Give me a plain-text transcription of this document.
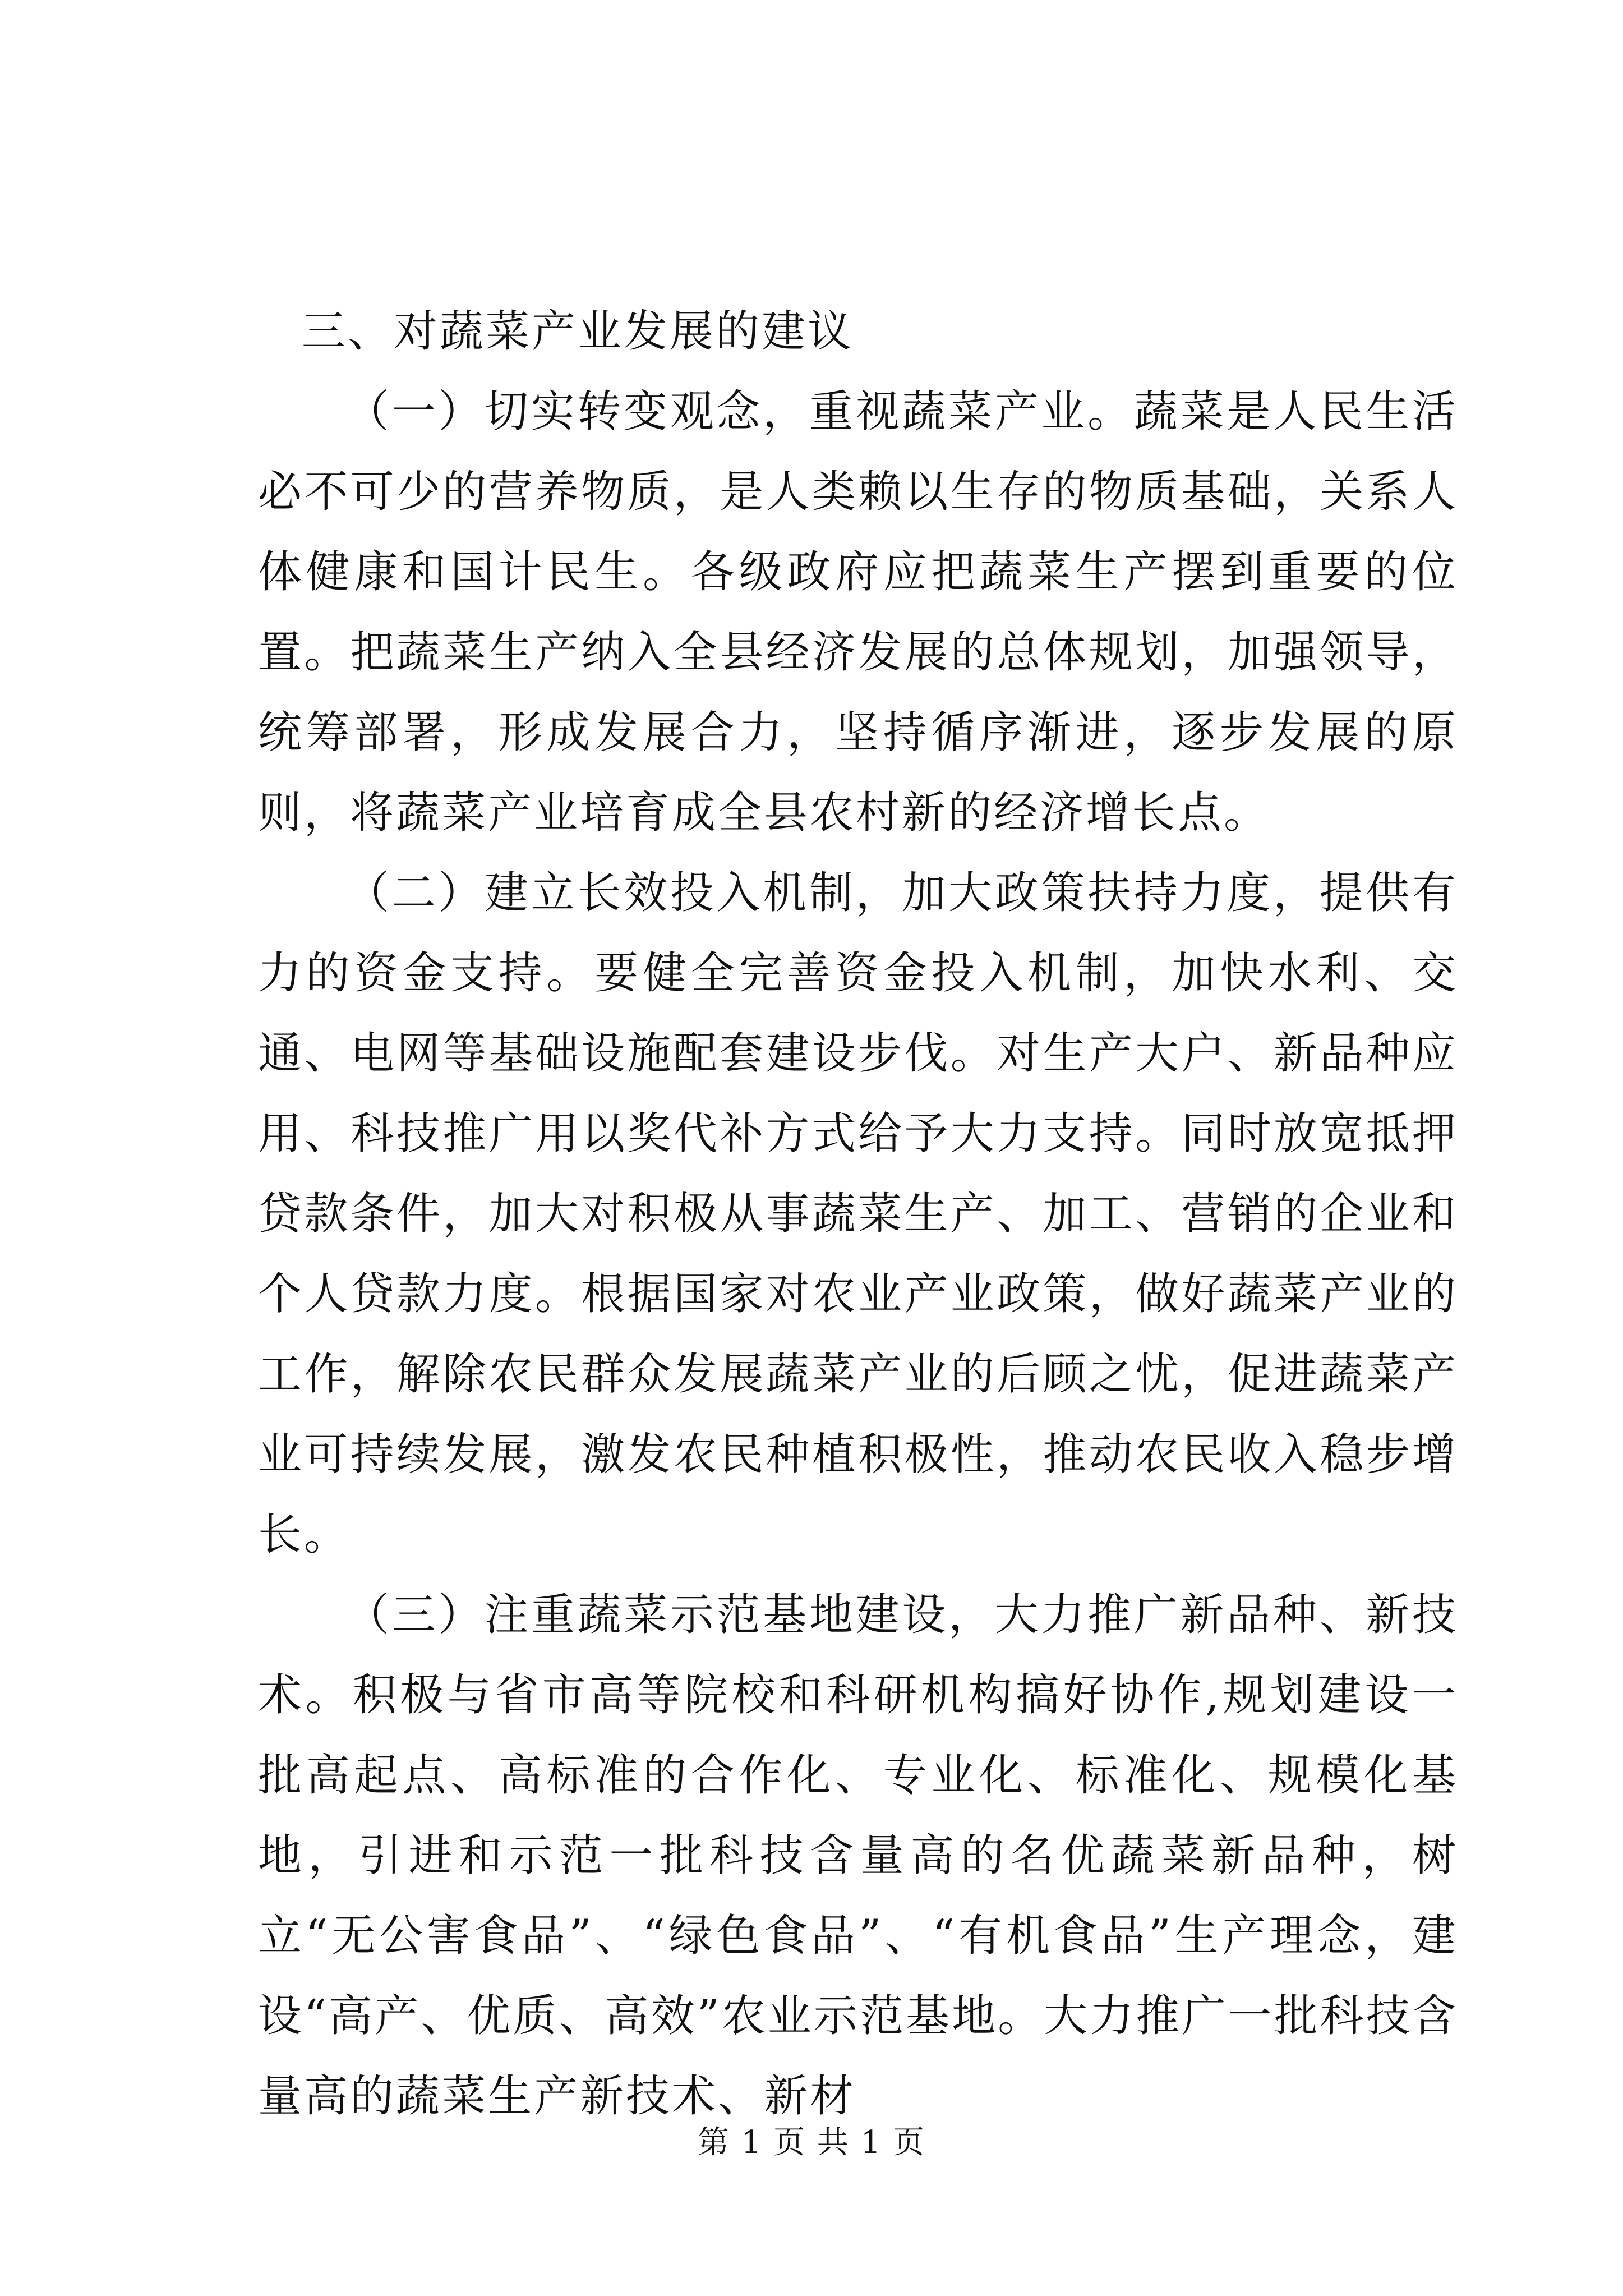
三、对蔬菜产业发展的建议

（一）切实转变观念，重视蔬菜产业。蔬菜是人民生活必不可少的营养物质，是人类赖以生存的物质基础，关系人体健康和国计民生。各级政府应把蔬菜生产摆到重要的位置。把蔬菜生产纳入全县经济发展的总体规划，加强领导，统筹部署，形成发展合力，坚持循序渐进，逐步发展的原则，将蔬菜产业培育成全县农村新的经济增长点。

（二）建立长效投入机制，加大政策扶持力度，提供有力的资金支持。要健全完善资金投入机制，加快水利、交通、电网等基础设施配套建设步伐。对生产大户、新品种应用、科技推广用以奖代补方式给予大力支持。同时放宽抵押贷款条件，加大对积极从事蔬菜生产、加工、营销的企业和个人贷款力度。根据国家对农业产业政策，做好蔬菜产业的工作，解除农民群众发展蔬菜产业的后顾之忧，促进蔬菜产业可持续发展，激发农民种植积极性，推动农民收入稳步增长。

（三）注重蔬菜示范基地建设，大力推广新品种、新技术。积极与省市高等院校和科研机构搞好协作,规划建设一批高起点、高标准的合作化、专业化、标准化、规模化基地，引进和示范一批科技含量高的名优蔬菜新品种，树立“无公害食品”、“绿色食品”、“有机食品”生产理念，建设“高产、优质、高效”农业示范基地。大力推广一批科技含量高的蔬菜生产新技术、新材

第 1 页 共 1 页
